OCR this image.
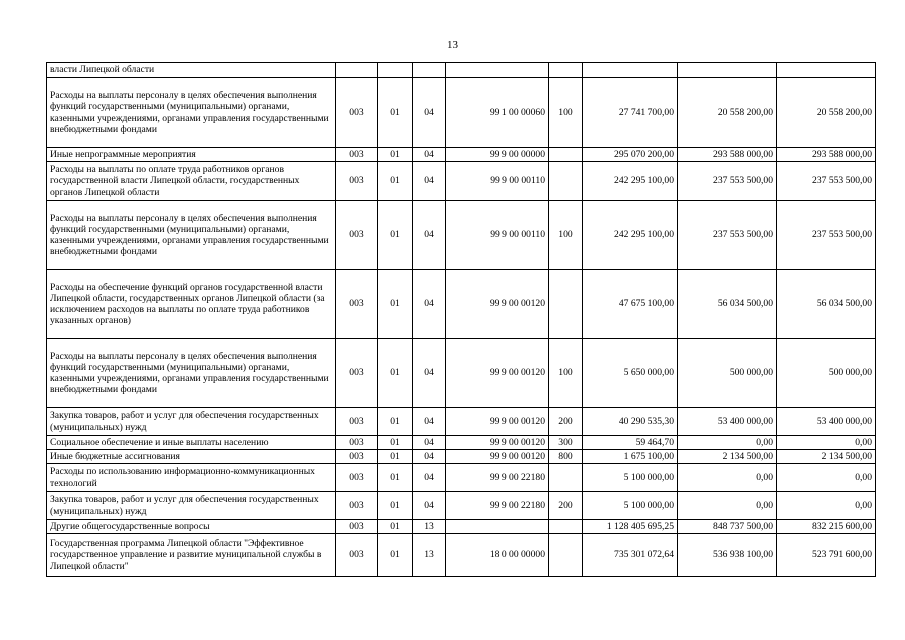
13
власти Липецкой области								
Расходы на выплаты персоналу в целях обеспечения выполнения функций государственными (муниципальными) органами, казенными учреждениями, органами управления государственными внебюджетными фондами	003	01	04	99 1 00 00060	100	27 741 700,00	20 558 200,00	20 558 200,00
Иные непрограммные мероприятия	003	01	04	99 9 00 00000		295 070 200,00	293 588 000,00	293 588 000,00
Расходы на выплаты по оплате труда работников органов государственной власти Липецкой области, государственных органов Липецкой области	003	01	04	99 9 00 00110		242 295 100,00	237 553 500,00	237 553 500,00
Расходы на выплаты персоналу в целях обеспечения выполнения функций государственными (муниципальными) органами, казенными учреждениями, органами управления государственными внебюджетными фондами	003	01	04	99 9 00 00110	100	242 295 100,00	237 553 500,00	237 553 500,00
Расходы на обеспечение функций органов государственной власти Липецкой области, государственных органов Липецкой области (за исключением расходов на выплаты по оплате труда работников указанных органов)	003	01	04	99 9 00 00120		47 675 100,00	56 034 500,00	56 034 500,00
Расходы на выплаты персоналу в целях обеспечения выполнения функций государственными (муниципальными) органами, казенными учреждениями, органами управления государственными внебюджетными фондами	003	01	04	99 9 00 00120	100	5 650 000,00	500 000,00	500 000,00
Закупка товаров, работ и услуг для обеспечения государственных (муниципальных) нужд	003	01	04	99 9 00 00120	200	40 290 535,30	53 400 000,00	53 400 000,00
Социальное обеспечение и иные выплаты населению	003	01	04	99 9 00 00120	300	59 464,70	0,00	0,00
Иные бюджетные ассигнования	003	01	04	99 9 00 00120	800	1 675 100,00	2 134 500,00	2 134 500,00
Расходы по использованию информационно-коммуникационных технологий	003	01	04	99 9 00 22180		5 100 000,00	0,00	0,00
Закупка товаров, работ и услуг для обеспечения государственных (муниципальных) нужд	003	01	04	99 9 00 22180	200	5 100 000,00	0,00	0,00
Другие общегосударственные вопросы	003	01	13			1 128 405 695,25	848 737 500,00	832 215 600,00
Государственная программа Липецкой области "Эффективное государственное управление и развитие муниципальной службы в Липецкой области"	003	01	13	18 0 00 00000		735 301 072,64	536 938 100,00	523 791 600,00
